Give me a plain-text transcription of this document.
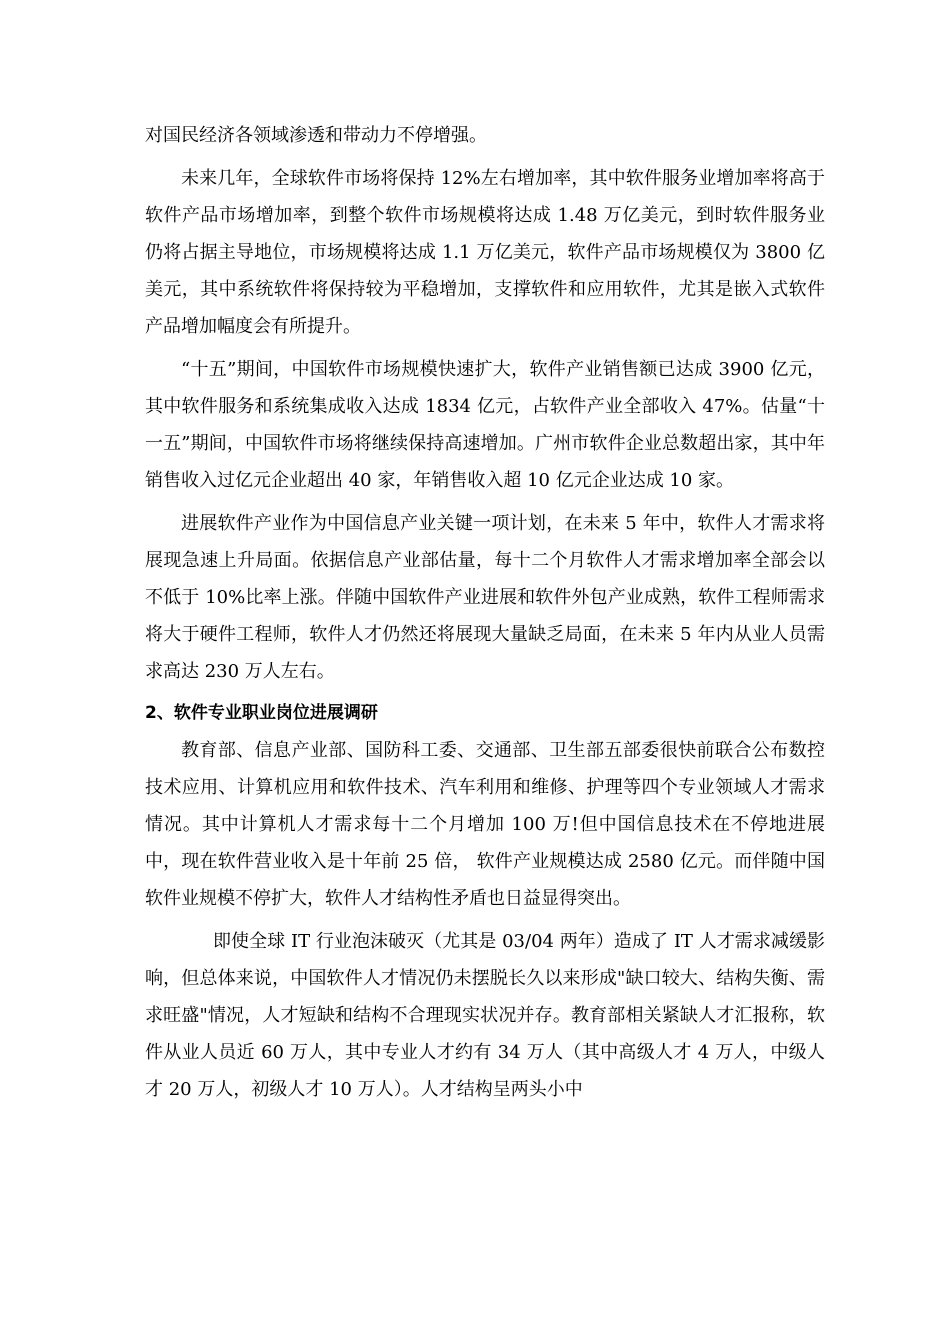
对国民经济各领域渗透和带动力不停增强。

未来几年，全球软件市场将保持 12%左右增加率，其中软件服务业增加率将高于软件产品市场增加率，到整个软件市场规模将达成 1.48 万亿美元，到时软件服务业仍将占据主导地位，市场规模将达成 1.1 万亿美元，软件产品市场规模仅为 3800 亿美元，其中系统软件将保持较为平稳增加，支撑软件和应用软件，尤其是嵌入式软件产品增加幅度会有所提升。

“十五”期间，中国软件市场规模快速扩大，软件产业销售额已达成 3900 亿元，其中软件服务和系统集成收入达成 1834 亿元，占软件产业全部收入 47%。估量“十一五”期间，中国软件市场将继续保持高速增加。广州市软件企业总数超出家，其中年销售收入过亿元企业超出 40 家，年销售收入超 10 亿元企业达成 10 家。

进展软件产业作为中国信息产业关键一项计划，在未来 5 年中，软件人才需求将展现急速上升局面。依据信息产业部估量，每十二个月软件人才需求增加率全部会以不低于 10%比率上涨。伴随中国软件产业进展和软件外包产业成熟，软件工程师需求将大于硬件工程师，软件人才仍然还将展现大量缺乏局面，在未来 5 年内从业人员需求高达 230 万人左右。

2、软件专业职业岗位进展调研

教育部、信息产业部、国防科工委、交通部、卫生部五部委很快前联合公布数控技术应用、计算机应用和软件技术、汽车利用和维修、护理等四个专业领域人才需求情况。其中计算机人才需求每十二个月增加 100 万!但中国信息技术在不停地进展中，现在软件营业收入是十年前 25 倍， 软件产业规模达成 2580 亿元。而伴随中国软件业规模不停扩大，软件人才结构性矛盾也日益显得突出。

即使全球 IT 行业泡沫破灭（尤其是 03/04 两年）造成了 IT 人才需求减缓影响，但总体来说，中国软件人才情况仍未摆脱长久以来形成"缺口较大、结构失衡、需求旺盛"情况，人才短缺和结构不合理现实状况并存。教育部相关紧缺人才汇报称，软件从业人员近 60 万人，其中专业人才约有 34 万人（其中高级人才 4 万人，中级人才 20 万人，初级人才 10 万人）。人才结构呈两头小中
